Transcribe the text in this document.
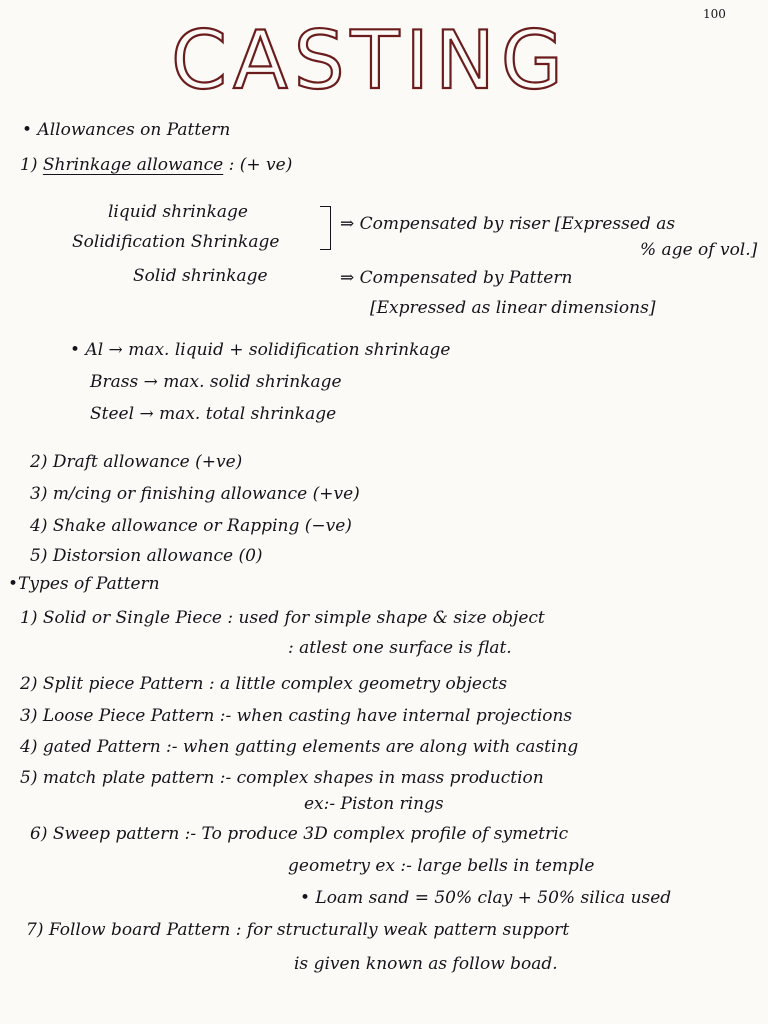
100
CASTING
• Allowances on Pattern
1) Shrinkage allowance : (+ ve)
liquid shrinkage
Solidification Shrinkage
⇒ Compensated by riser [Expressed as
% age of vol.]
Solid shrinkage	⇒ Compensated by Pattern
[Expressed as linear dimensions]
• Al → max. liquid + solidification shrinkage
Brass → max. solid shrinkage
Steel → max. total shrinkage
2) Draft allowance (+ve)
3) m/cing or finishing allowance (+ve)
4) Shake allowance or Rapping (−ve)
5) Distorsion allowance (0)
•Types of Pattern
1) Solid or Single Piece : used for simple shape & size object
: atlest one surface is flat.
2) Split piece Pattern : a little complex geometry objects
3) Loose Piece Pattern :- when casting have internal projections
4) gated Pattern :- when gatting elements are along with casting
5) match plate pattern :- complex shapes in mass production
ex:- Piston rings
6) Sweep pattern :- To produce 3D complex profile of symetric
geometry ex :- large bells in temple
• Loam sand = 50% clay + 50% silica used
7) Follow board Pattern : for structurally weak pattern support
is given known as follow boad.
